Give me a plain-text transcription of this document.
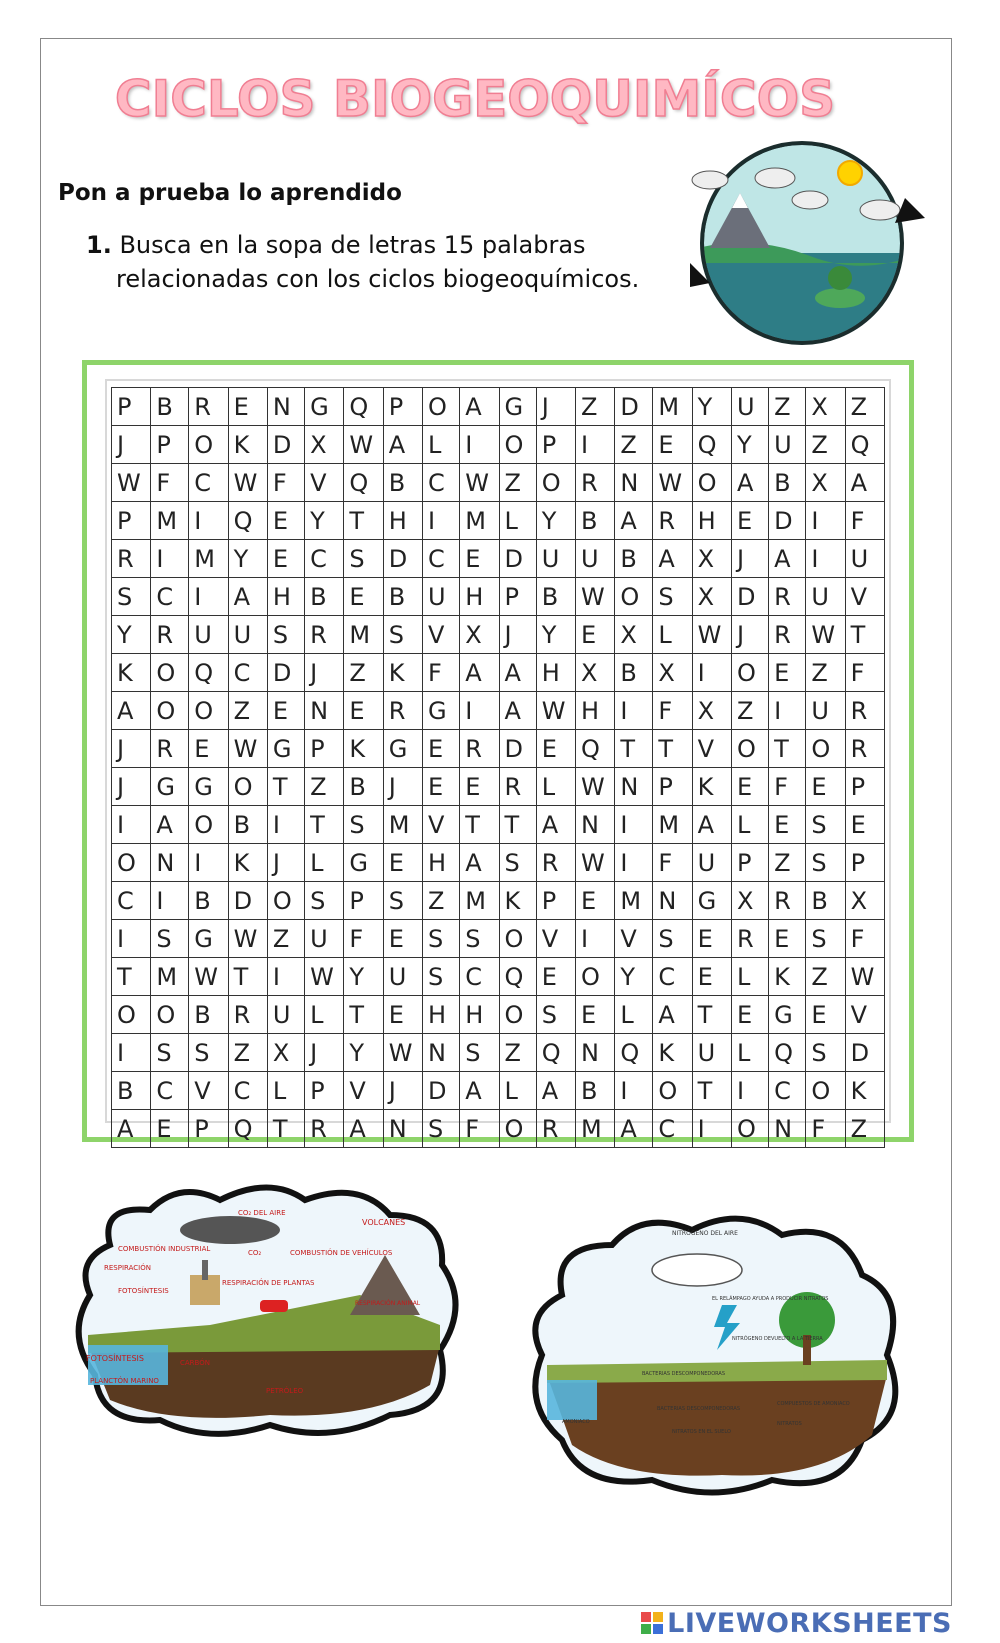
CICLOS BIOGEOQUIMÍCOS
Pon a prueba lo aprendido
1. Busca en la sopa de letras 15 palabras
relacionadas con los ciclos biogeoquímicos.
P	B	R	E	N	G	Q	P	O	A	G	J	Z	D	M	Y	U	Z	X	Z
J	P	O	K	D	X	W	A	L	I	O	P	I	Z	E	Q	Y	U	Z	Q
W	F	C	W	F	V	Q	B	C	W	Z	O	R	N	W	O	A	B	X	A
P	M	I	Q	E	Y	T	H	I	M	L	Y	B	A	R	H	E	D	I	F
R	I	M	Y	E	C	S	D	C	E	D	U	U	B	A	X	J	A	I	U
S	C	I	A	H	B	E	B	U	H	P	B	W	O	S	X	D	R	U	V
Y	R	U	U	S	R	M	S	V	X	J	Y	E	X	L	W	J	R	W	T
K	O	Q	C	D	J	Z	K	F	A	A	H	X	B	X	I	O	E	Z	F
A	O	O	Z	E	N	E	R	G	I	A	W	H	I	F	X	Z	I	U	R
J	R	E	W	G	P	K	G	E	R	D	E	Q	T	T	V	O	T	O	R
J	G	G	O	T	Z	B	J	E	E	R	L	W	N	P	K	E	F	E	P
I	A	O	B	I	T	S	M	V	T	T	A	N	I	M	A	L	E	S	E
O	N	I	K	J	L	G	E	H	A	S	R	W	I	F	U	P	Z	S	P
C	I	B	D	O	S	P	S	Z	M	K	P	E	M	N	G	X	R	B	X
I	S	G	W	Z	U	F	E	S	S	O	V	I	V	S	E	R	E	S	F
T	M	W	T	I	W	Y	U	S	C	Q	E	O	Y	C	E	L	K	Z	W
O	O	B	R	U	L	T	E	H	H	O	S	E	L	A	T	E	G	E	V
I	S	S	Z	X	J	Y	W	N	S	Z	Q	N	Q	K	U	L	Q	S	D
B	C	V	C	L	P	V	J	D	A	L	A	B	I	O	T	I	C	O	K
A	E	P	Q	T	R	A	N	S	F	O	R	M	A	C	I	O	N	F	Z
CO₂ DEL AIRE
CO₂
VOLCANES
COMBUSTIÓN INDUSTRIAL	COMBUSTIÓN DE VEHÍCULOS
RESPIRACIÓN
RESPIRACIÓN DE PLANTAS
FOTOSÍNTESIS
RESPIRACIÓN ANIMAL
FOTOSÍNTESIS	CARBÓN
PLANCTÓN MARINO
PETRÓLEO
NITRÓGENO DEL AIRE
EL RELÁMPAGO AYUDA A PRODUCIR NITRATOS
NITRÓGENO DEVUELTO A LA TIERRA
BACTERIAS DESCOMPONEDORAS
BACTERIAS DESCOMPONEDORAS
COMPUESTOS DE AMONIACO
AMONIACO
NITRATOS EN EL SUELO
NITRATOS
LIVEWORKSHEETS
